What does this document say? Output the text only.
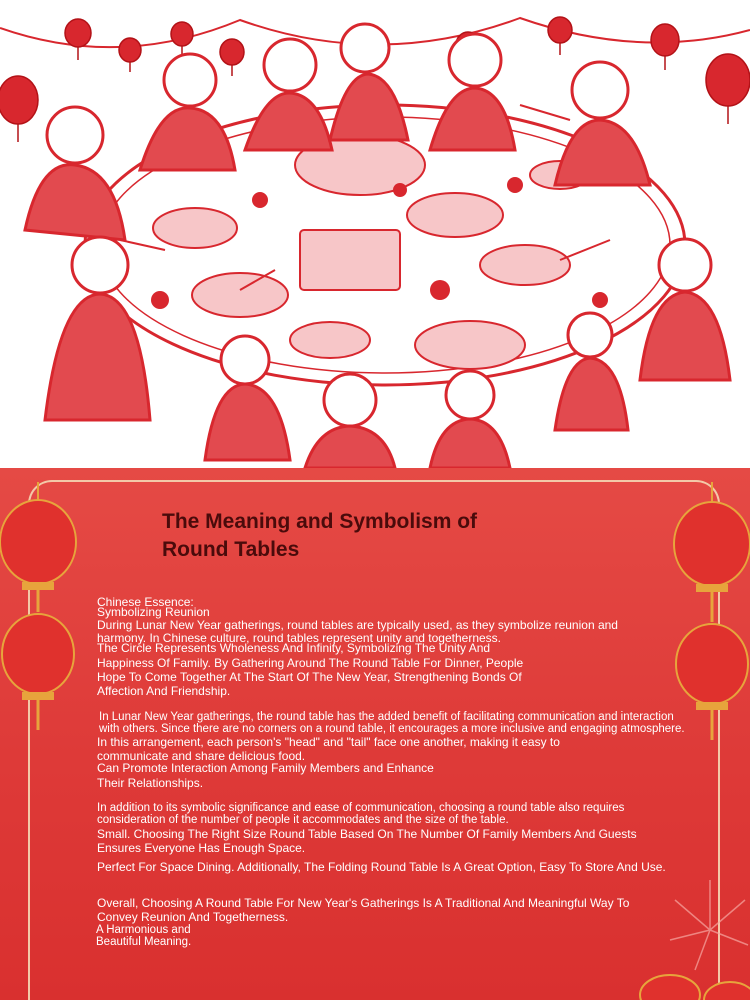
The Meaning and Symbolism of
Round Tables

Chinese Essence:

Symbolizing Reunion

During Lunar New Year gatherings, round tables are typically used, as they symbolize reunion and

harmony. In Chinese culture, round tables represent unity and togetherness.

The Circle Represents Wholeness And Infinity, Symbolizing The Unity And

Happiness Of Family. By Gathering Around The Round Table For Dinner, People

Hope To Come Together At The Start Of The New Year, Strengthening Bonds Of

Affection And Friendship.

In Lunar New Year gatherings, the round table has the added benefit of facilitating communication and interaction

with others. Since there are no corners on a round table, it encourages a more inclusive and engaging atmosphere.

In this arrangement, each person's "head" and "tail" face one another, making it easy to

communicate and share delicious food.

Can Promote Interaction Among Family Members and Enhance

Their Relationships.

In addition to its symbolic significance and ease of communication, choosing a round table also requires

consideration of the number of people it accommodates and the size of the table.

Small. Choosing The Right Size Round Table Based On The Number Of Family Members And Guests

Ensures Everyone Has Enough Space.

Perfect For Space Dining. Additionally, The Folding Round Table Is A Great Option, Easy To Store And Use.

Overall, Choosing A Round Table For New Year's Gatherings Is A Traditional And Meaningful Way To

Convey Reunion And Togetherness.

A Harmonious and

Beautiful Meaning.
